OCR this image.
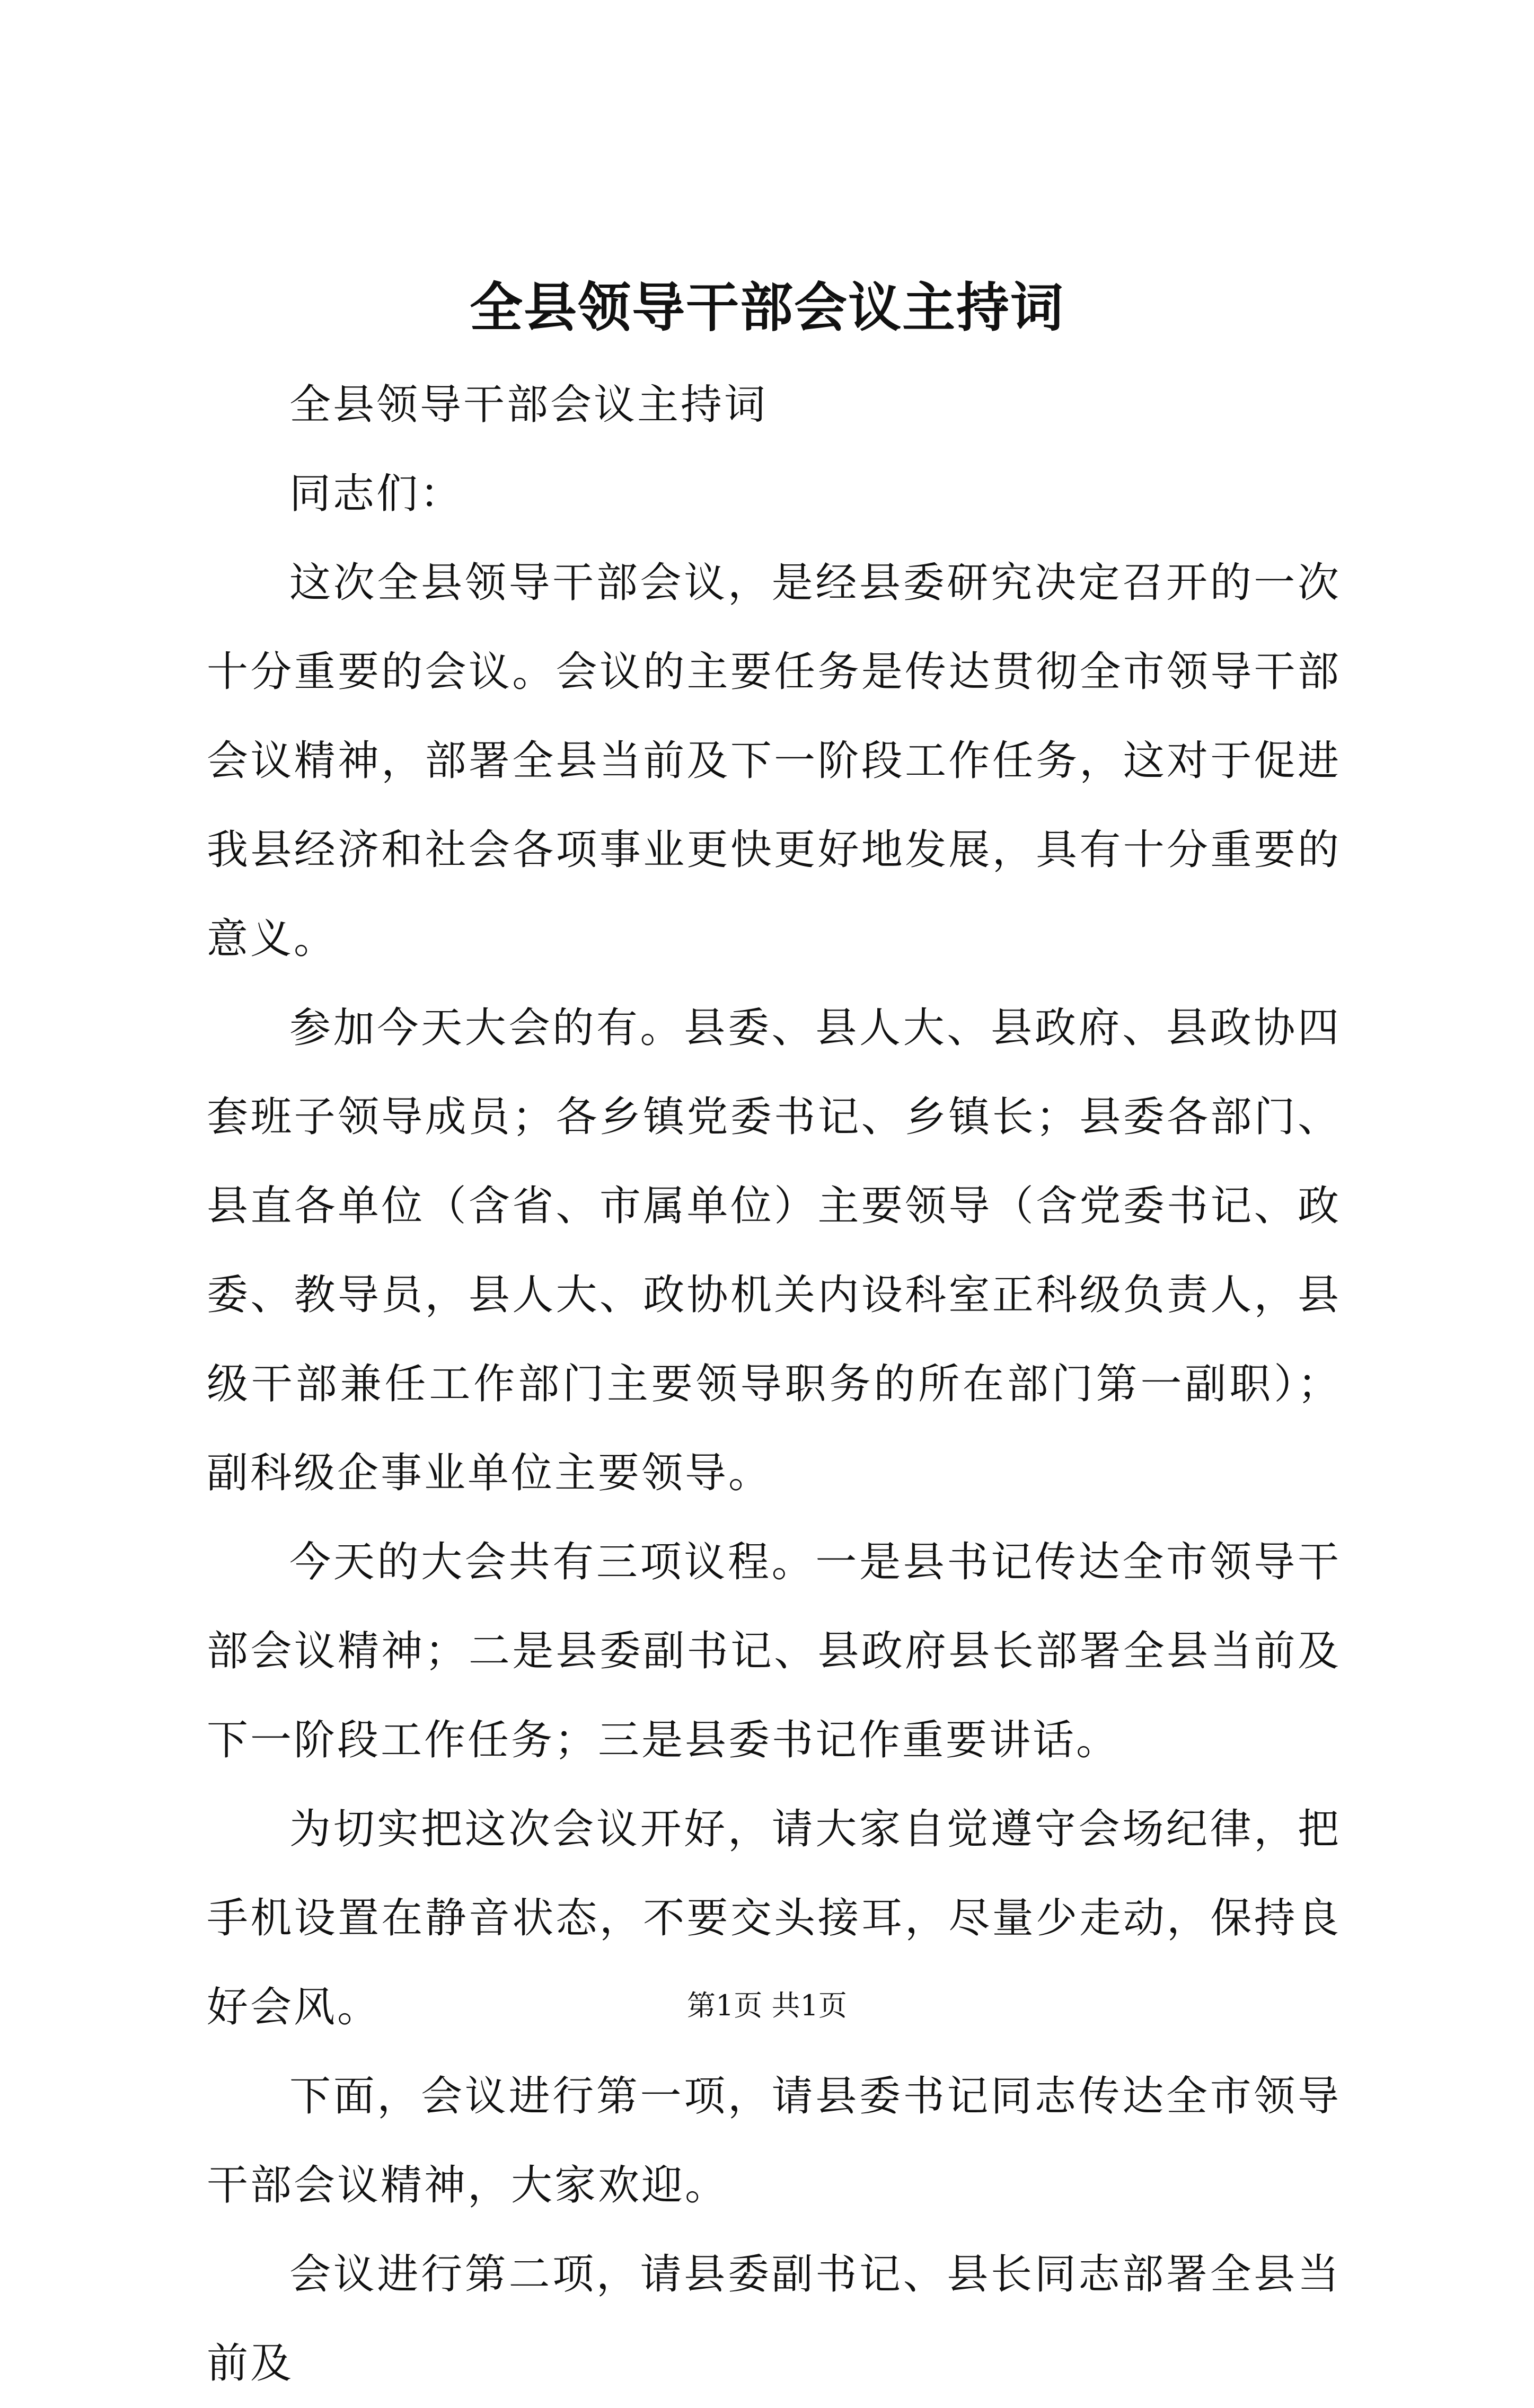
全县领导干部会议主持词

全县领导干部会议主持词

同志们：

这次全县领导干部会议，是经县委研究决定召开的一次十分重要的会议。会议的主要任务是传达贯彻全市领导干部会议精神，部署全县当前及下一阶段工作任务，这对于促进我县经济和社会各项事业更快更好地发展，具有十分重要的意义。

参加今天大会的有。县委、县人大、县政府、县政协四套班子领导成员；各乡镇党委书记、乡镇长；县委各部门、县直各单位（含省、市属单位）主要领导（含党委书记、政委、教导员，县人大、政协机关内设科室正科级负责人，县级干部兼任工作部门主要领导职务的所在部门第一副职）；副科级企事业单位主要领导。

今天的大会共有三项议程。一是县书记传达全市领导干部会议精神；二是县委副书记、县政府县长部署全县当前及下一阶段工作任务；三是县委书记作重要讲话。

为切实把这次会议开好，请大家自觉遵守会场纪律，把手机设置在静音状态，不要交头接耳，尽量少走动，保持良好会风。

下面，会议进行第一项，请县委书记同志传达全市领导干部会议精神，大家欢迎。

会议进行第二项，请县委副书记、县长同志部署全县当前及

第1页 共1页
